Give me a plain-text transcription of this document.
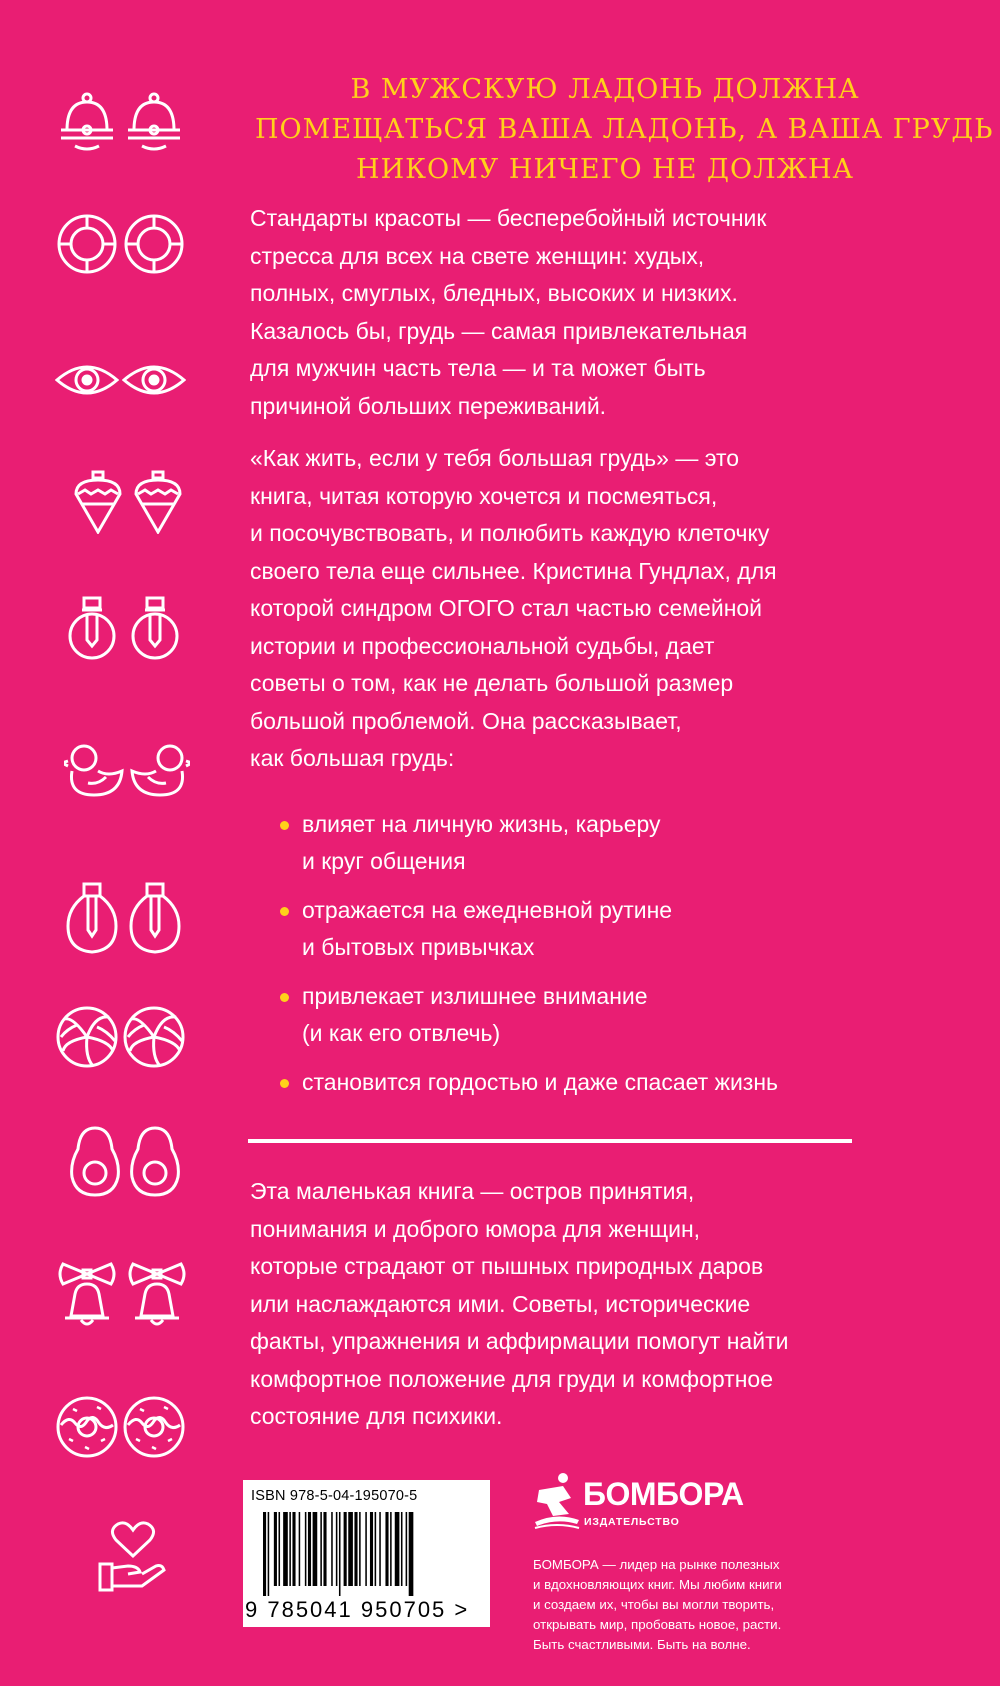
В МУЖСКУЮ ЛАДОНЬ ДОЛЖНА
ПОМЕЩАТЬСЯ ВАША ЛАДОНЬ, А ВАША ГРУДЬ
НИКОМУ НИЧЕГО НЕ ДОЛЖНА
Стандарты красоты — бесперебойный источник
стресса для всех на свете женщин: худых,
полных, смуглых, бледных, высоких и низких.
Казалось бы, грудь — самая привлекательная
для мужчин часть тела — и та может быть
причиной больших переживаний.
«Как жить, если у тебя большая грудь» — это
книга, читая которую хочется и посмеяться,
и посочувствовать, и полюбить каждую клеточку
своего тела еще сильнее. Кристина Гундлах, для
которой синдром ОГОГО стал частью семейной
истории и профессиональной судьбы, дает
советы о том, как не делать большой размер
большой проблемой. Она рассказывает,
как большая грудь:
влияет на личную жизнь, карьеру
и круг общения
отражается на ежедневной рутине
и бытовых привычках
привлекает излишнее внимание
(и как его отвлечь)
становится гордостью и даже спасает жизнь
Эта маленькая книга — остров принятия,
понимания и доброго юмора для женщин,
которые страдают от пышных природных даров
или наслаждаются ими. Советы, исторические
факты, упражнения и аффирмации помогут найти
комфортное положение для груди и комфортное
состояние для психики.
ISBN 978-5-04-195070-5
9 785041 950705 >
БОМБОРА
ИЗДАТЕЛЬСТВО
БОМБОРА — лидер на рынке полезных
и вдохновляющих книг. Мы любим книги
и создаем их, чтобы вы могли творить,
открывать мир, пробовать новое, расти.
Быть счастливыми. Быть на волне.
